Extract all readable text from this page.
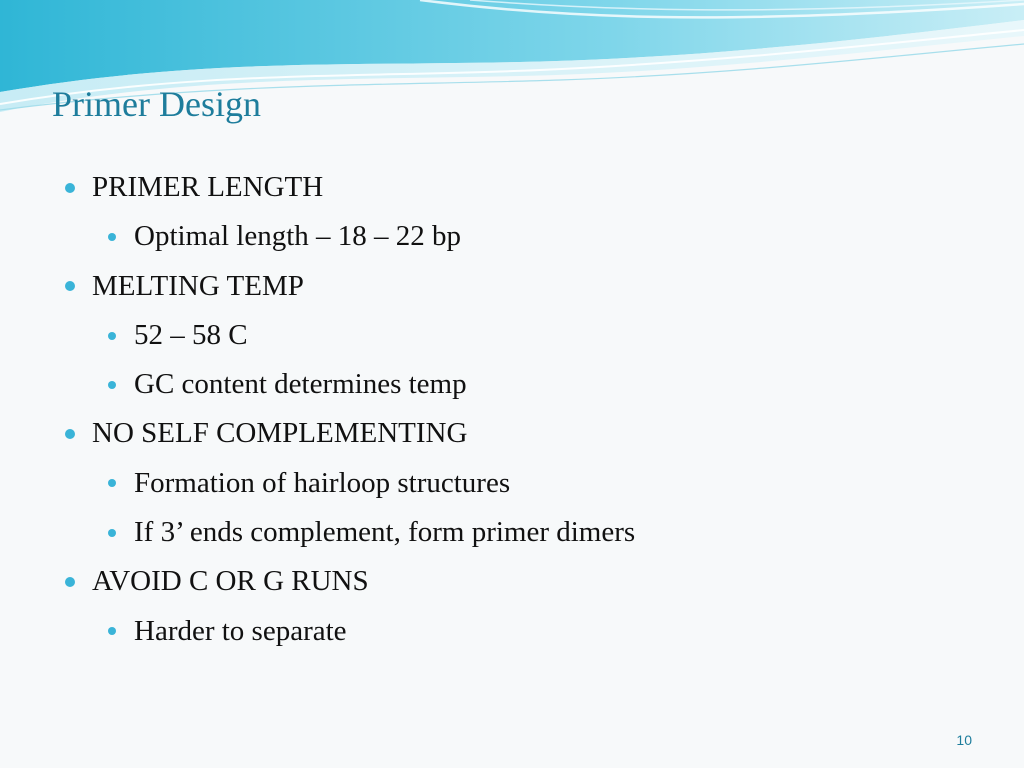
Primer Design
PRIMER LENGTH
Optimal length – 18 – 22 bp
MELTING TEMP
52 – 58 C
GC content determines temp
NO SELF COMPLEMENTING
Formation of hairloop structures
If 3’ ends complement, form primer dimers
AVOID C OR G RUNS
Harder to separate
10
